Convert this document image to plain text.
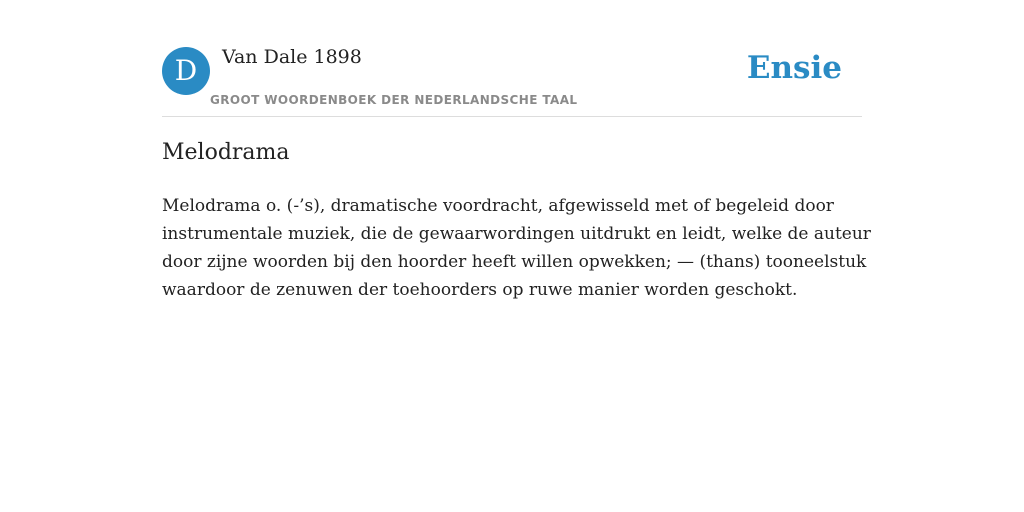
D	Van Dale 1898
GROOT WOORDENBOEK DER NEDERLANDSCHE TAAL
Ensie
Melodrama

Melodrama o. (-’s), dramatische voordracht, afgewisseld met of begeleid door instrumentale muziek, die de gewaarwordingen uitdrukt en leidt, welke de auteur door zijne woorden bij den hoorder heeft willen opwekken; — (thans) tooneelstuk waardoor de zenuwen der toehoorders op ruwe manier worden geschokt.
